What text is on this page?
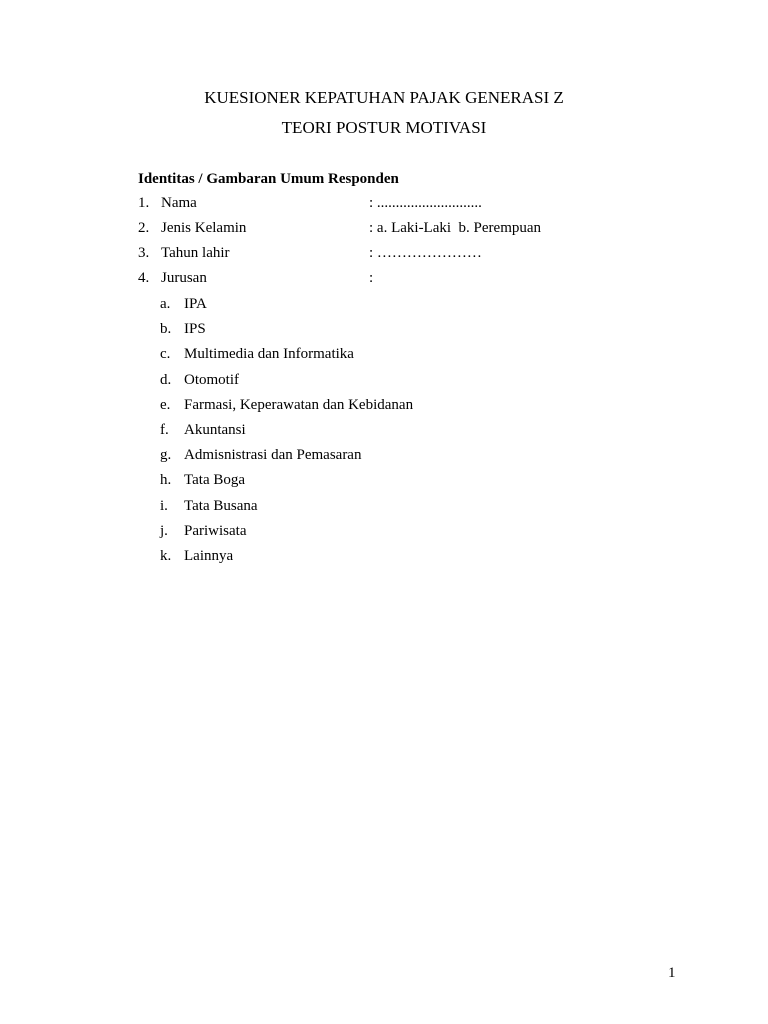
KUESIONER KEPATUHAN PAJAK GENERASI Z
TEORI POSTUR MOTIVASI

Identitas / Gambaran Umum Responden

1. Nama	: ............................
2. Jenis Kelamin	: a. Laki-Laki  b. Perempuan
3. Tahun lahir	: …………………
4. Jurusan	:
a. IPA
b. IPS
c. Multimedia dan Informatika
d. Otomotif
e. Farmasi, Keperawatan dan Kebidanan
f. Akuntansi
g. Admisnistrasi dan Pemasaran
h. Tata Boga
i. Tata Busana
j. Pariwisata
k. Lainnya
1
